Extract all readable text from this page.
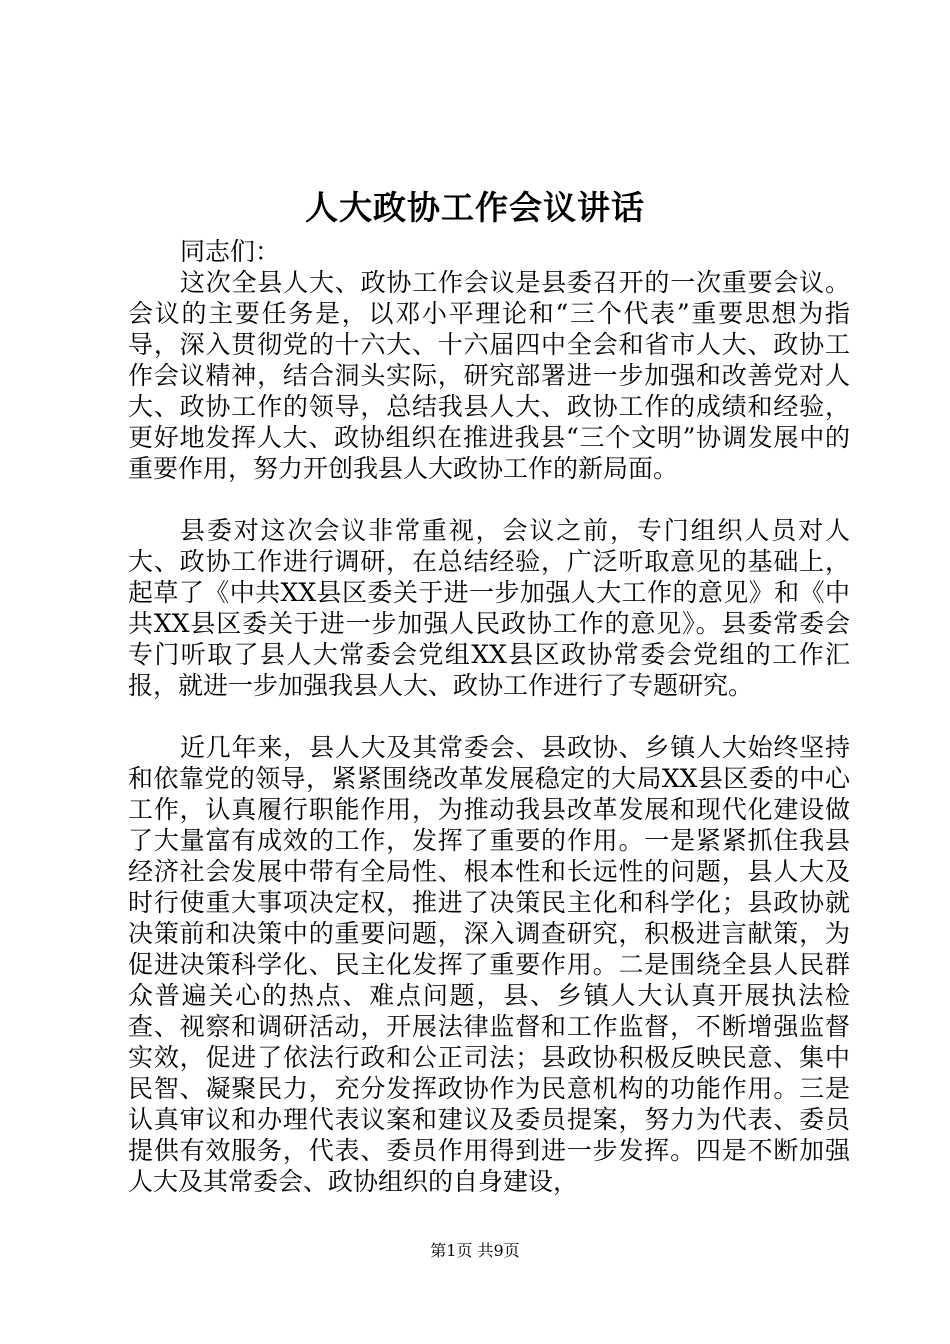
人大政协工作会议讲话

同志们：

这次全县人大、政协工作会议是县委召开的一次重要会议。会议的主要任务是，以邓小平理论和“三个代表”重要思想为指导，深入贯彻党的十六大、十六届四中全会和省市人大、政协工作会议精神，结合洞头实际，研究部署进一步加强和改善党对人大、政协工作的领导，总结我县人大、政协工作的成绩和经验，更好地发挥人大、政协组织在推进我县“三个文明”协调发展中的重要作用，努力开创我县人大政协工作的新局面。

县委对这次会议非常重视，会议之前，专门组织人员对人大、政协工作进行调研，在总结经验，广泛听取意见的基础上，起草了《中共XX县区委关于进一步加强人大工作的意见》和《中共XX县区委关于进一步加强人民政协工作的意见》。县委常委会专门听取了县人大常委会党组XX县区政协常委会党组的工作汇报，就进一步加强我县人大、政协工作进行了专题研究。

近几年来，县人大及其常委会、县政协、乡镇人大始终坚持和依靠党的领导，紧紧围绕改革发展稳定的大局XX县区委的中心工作，认真履行职能作用，为推动我县改革发展和现代化建设做了大量富有成效的工作，发挥了重要的作用。一是紧紧抓住我县经济社会发展中带有全局性、根本性和长远性的问题，县人大及时行使重大事项决定权，推进了决策民主化和科学化；县政协就决策前和决策中的重要问题，深入调查研究，积极进言献策，为促进决策科学化、民主化发挥了重要作用。二是围绕全县人民群众普遍关心的热点、难点问题，县、乡镇人大认真开展执法检查、视察和调研活动，开展法律监督和工作监督，不断增强监督实效，促进了依法行政和公正司法；县政协积极反映民意、集中民智、凝聚民力，充分发挥政协作为民意机构的功能作用。三是认真审议和办理代表议案和建议及委员提案，努力为代表、委员提供有效服务，代表、委员作用得到进一步发挥。四是不断加强人大及其常委会、政协组织的自身建设，

第1页 共9页
